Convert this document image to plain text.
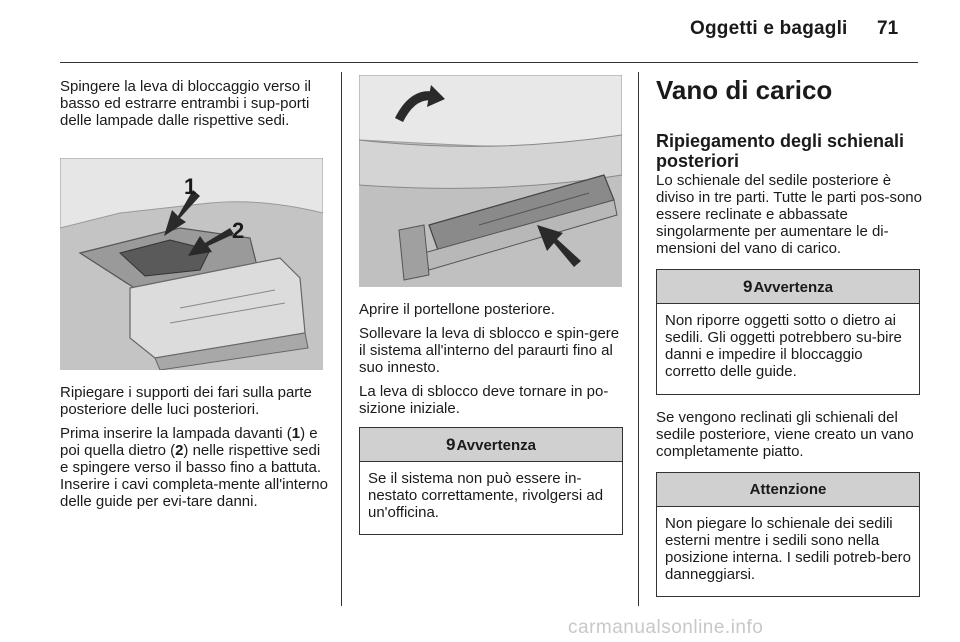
Oggetti e bagagli 71

Spingere la leva di bloccaggio verso il basso ed estrarre entrambi i sup-porti delle lampade dalle rispettive sedi.

1
2

Ripiegare i supporti dei fari sulla parte posteriore delle luci posteriori.

Prima inserire la lampada davanti (1) e poi quella dietro (2) nelle rispettive sedi e spingere verso il basso fino a battuta. Inserire i cavi completa-mente all'interno delle guide per evi-tare danni.

Aprire il portellone posteriore.

Sollevare la leva di sblocco e spin-gere il sistema all'interno del paraurti fino al suo innesto.

La leva di sblocco deve tornare in po-sizione iniziale.

9Avvertenza
Se il sistema non può essere in-nestato correttamente, rivolgersi ad un'officina.
Vano di carico
Ripiegamento degli schienali posteriori

Lo schienale del sedile posteriore è diviso in tre parti. Tutte le parti pos-sono essere reclinate e abbassate singolarmente per aumentare le di-mensioni del vano di carico.

9Avvertenza
Non riporre oggetti sotto o dietro ai sedili. Gli oggetti potrebbero su-bire danni e impedire il bloccaggio corretto delle guide.

Se vengono reclinati gli schienali del sedile posteriore, viene creato un vano completamente piatto.

Attenzione
Non piegare lo schienale dei sedili esterni mentre i sedili sono nella posizione interna. I sedili potreb-bero danneggiarsi.
carmanualsonline.info
